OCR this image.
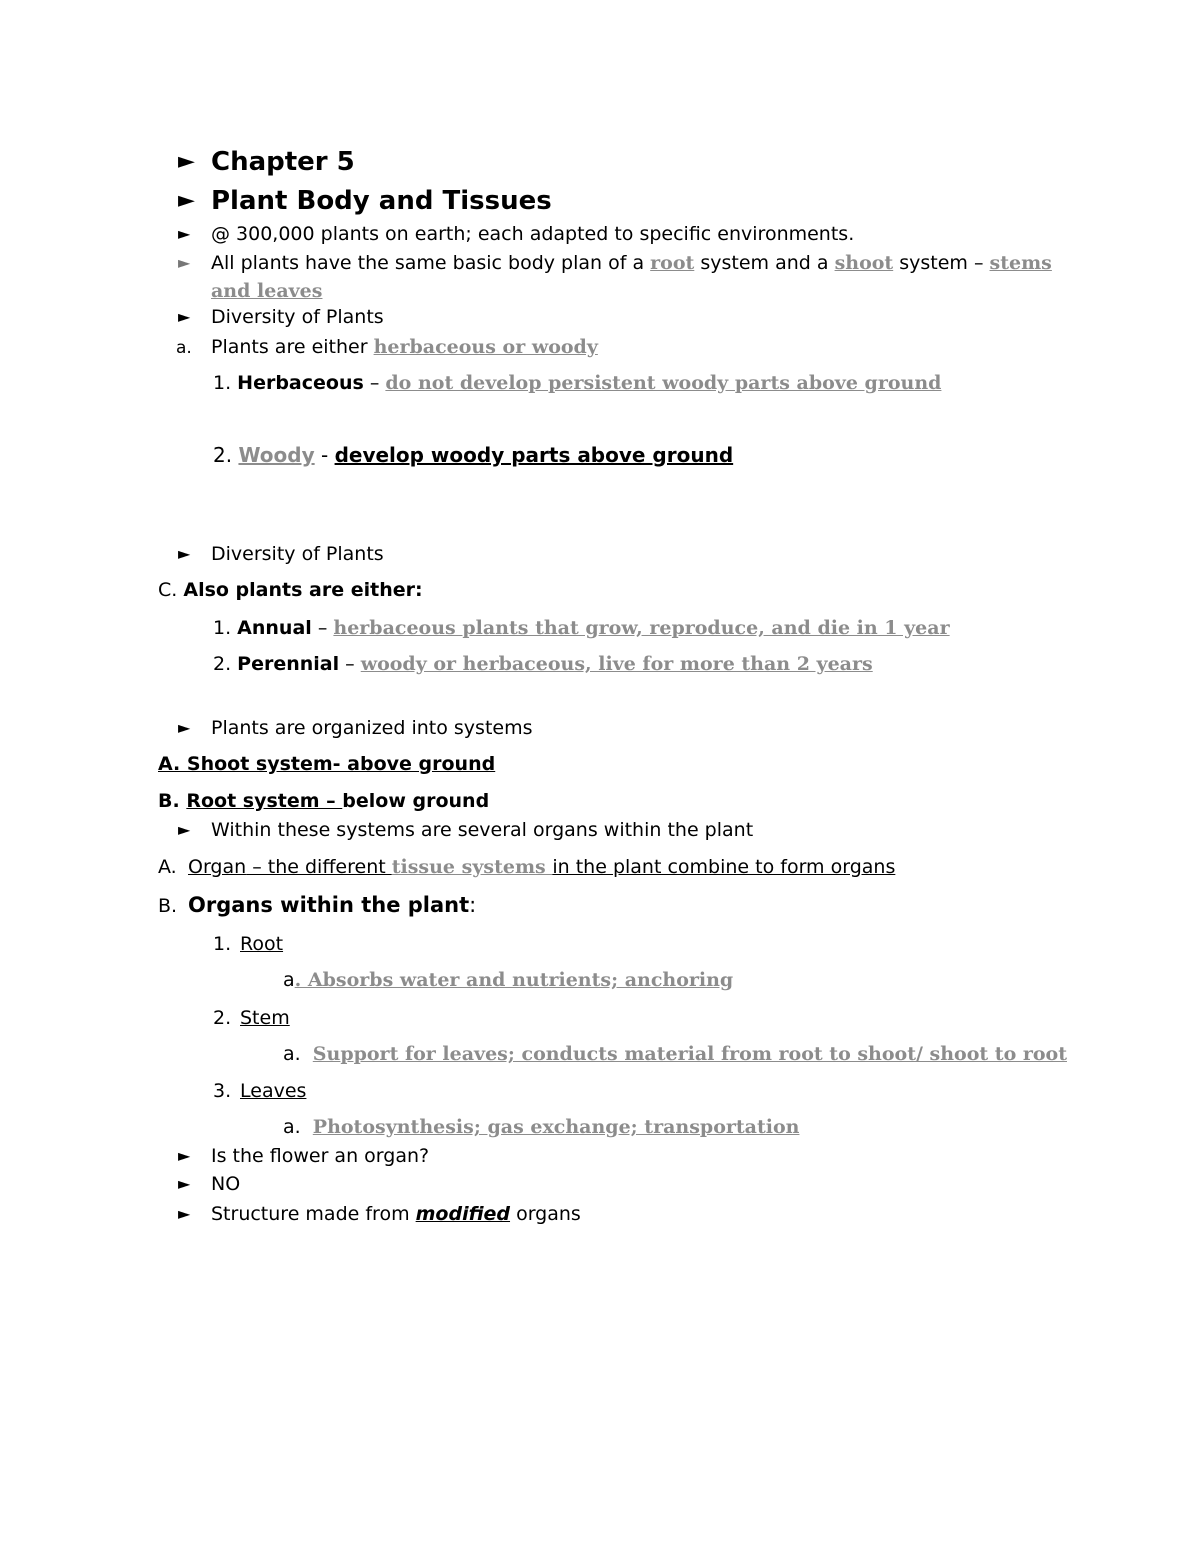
► Chapter 5
► Plant Body and Tissues
► @ 300,000 plants on earth; each adapted to specific environments.
► All plants have the same basic body plan of a root system and a shoot system – stems
and leaves
► Diversity of Plants
a. Plants are either herbaceous or woody
1. Herbaceous – do not develop persistent woody parts above ground
2. Woody - develop woody parts above ground
► Diversity of Plants
C. Also plants are either:
1. Annual – herbaceous plants that grow, reproduce, and die in 1 year
2. Perennial – woody or herbaceous, live for more than 2 years
► Plants are organized into systems
A. Shoot system- above ground
B. Root system – below ground
► Within these systems are several organs within the plant
A. Organ – the different tissue systems in the plant combine to form organs
B. Organs within the plant:
1. Root
a. Absorbs water and nutrients; anchoring
2. Stem
a. Support for leaves; conducts material from root to shoot/ shoot to root
3. Leaves
a. Photosynthesis; gas exchange; transportation
► Is the flower an organ?
► NO
► Structure made from modified organs
